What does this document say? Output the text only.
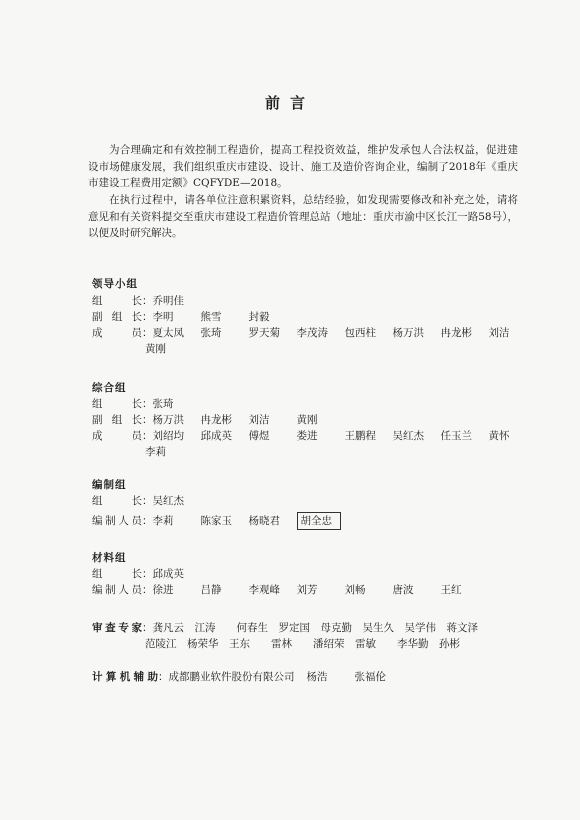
前言

为合理确定和有效控制工程造价，提高工程投资效益，维护发承包人合法权益，促进建设市场健康发展，我们组织重庆市建设、设计、施工及造价咨询企业，编制了2018年《重庆市建设工程费用定额》CQFYDE—2018。

在执行过程中，请各单位注意积累资料，总结经验，如发现需要修改和补充之处，请将意见和有关资料提交至重庆市建设工程造价管理总站（地址：重庆市渝中区长江一路58号），以便及时研究解决。

领导小组
组 长：乔明佳
副组长：李明	熊雪	封毅
成 员：夏太凤 张琦	罗天菊 李茂涛 包西柱 杨万洪 冉龙彬 刘洁
黄刚
综合组
组 长：张琦
副组长：杨万洪 冉龙彬 刘洁	黄刚
成 员：刘绍均 邱成英 傅煜	娄进	王鹏程 吴红杰 任玉兰 黄怀
李莉
编制组
组 长：吴红杰
编制人员：李莉	陈家玉 杨晓君 胡全忠
材料组
组 长：邱成英
编制人员：徐进	吕静	李观峰 刘芳	刘畅	唐波	王红
审查专家：龚凡云 江涛 何春生 罗定国 母克勤 吴生久 吴学伟 蒋文泽
范陵江 杨荣华 王东 雷林 潘绍荣 雷敏 李华勤 孙彬
计算机辅助：成都鹏业软件股份有限公司 杨浩	张福伦
